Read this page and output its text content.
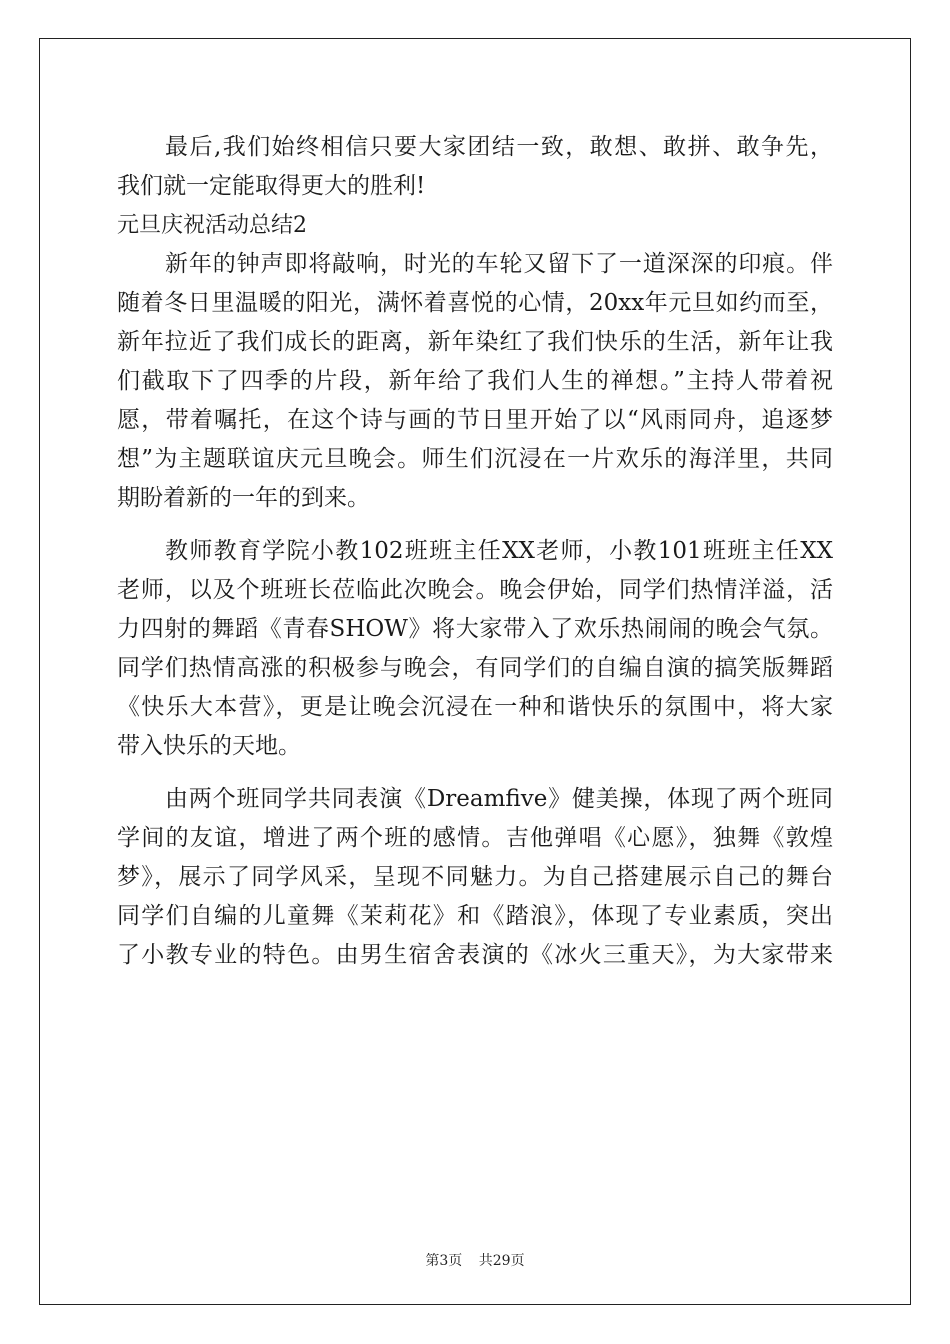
最后,我们始终相信只要大家团结一致，敢想、敢拼、敢争先，
我们就一定能取得更大的胜利!
元旦庆祝活动总结2
新年的钟声即将敲响，时光的车轮又留下了一道深深的印痕。伴
随着冬日里温暖的阳光，满怀着喜悦的心情，20xx年元旦如约而至，
新年拉近了我们成长的距离，新年染红了我们快乐的生活，新年让我
们截取下了四季的片段，新年给了我们人生的禅想。”主持人带着祝
愿，带着嘱托，在这个诗与画的节日里开始了以“风雨同舟，追逐梦
想”为主题联谊庆元旦晚会。师生们沉浸在一片欢乐的海洋里，共同
期盼着新的一年的到来。
教师教育学院小教102班班主任XX老师，小教101班班主任XX
老师，以及个班班长莅临此次晚会。晚会伊始，同学们热情洋溢，活
力四射的舞蹈《青春SHOW》将大家带入了欢乐热闹闹的晚会气氛。
同学们热情高涨的积极参与晚会，有同学们的自编自演的搞笑版舞蹈
《快乐大本营》，更是让晚会沉浸在一种和谐快乐的氛围中，将大家
带入快乐的天地。
由两个班同学共同表演《Dreamfive》健美操，体现了两个班同
学间的友谊，增进了两个班的感情。吉他弹唱《心愿》，独舞《敦煌
梦》，展示了同学风采，呈现不同魅力。为自己搭建展示自己的舞台
同学们自编的儿童舞《茉莉花》和《踏浪》，体现了专业素质，突出
了小教专业的特色。由男生宿舍表演的《冰火三重天》，为大家带来
第3页 共29页
